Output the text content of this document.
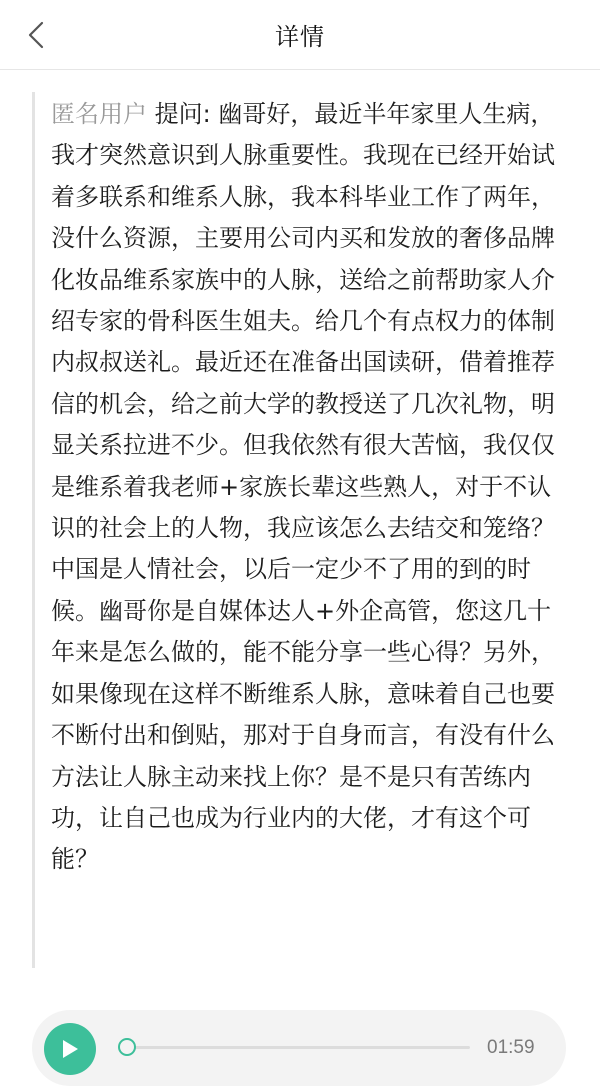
详情
匿名用户 提问: 幽哥好，最近半年家里人生病，我才突然意识到人脉重要性。我现在已经开始试着多联系和维系人脉，我本科毕业工作了两年，没什么资源，主要用公司内买和发放的奢侈品牌化妆品维系家族中的人脉，送给之前帮助家人介绍专家的骨科医生姐夫。给几个有点权力的体制内叔叔送礼。最近还在准备出国读研，借着推荐信的机会，给之前大学的教授送了几次礼物，明显关系拉进不少。但我依然有很大苦恼，我仅仅是维系着我老师+家族长辈这些熟人，对于不认识的社会上的人物，我应该怎么去结交和笼络？中国是人情社会，以后一定少不了用的到的时候。幽哥你是自媒体达人+外企高管，您这几十年来是怎么做的，能不能分享一些心得？另外，如果像现在这样不断维系人脉，意味着自己也要不断付出和倒贴，那对于自身而言，有没有什么方法让人脉主动来找上你？是不是只有苦练内功，让自己也成为行业内的大佬，才有这个可能？
01:59
